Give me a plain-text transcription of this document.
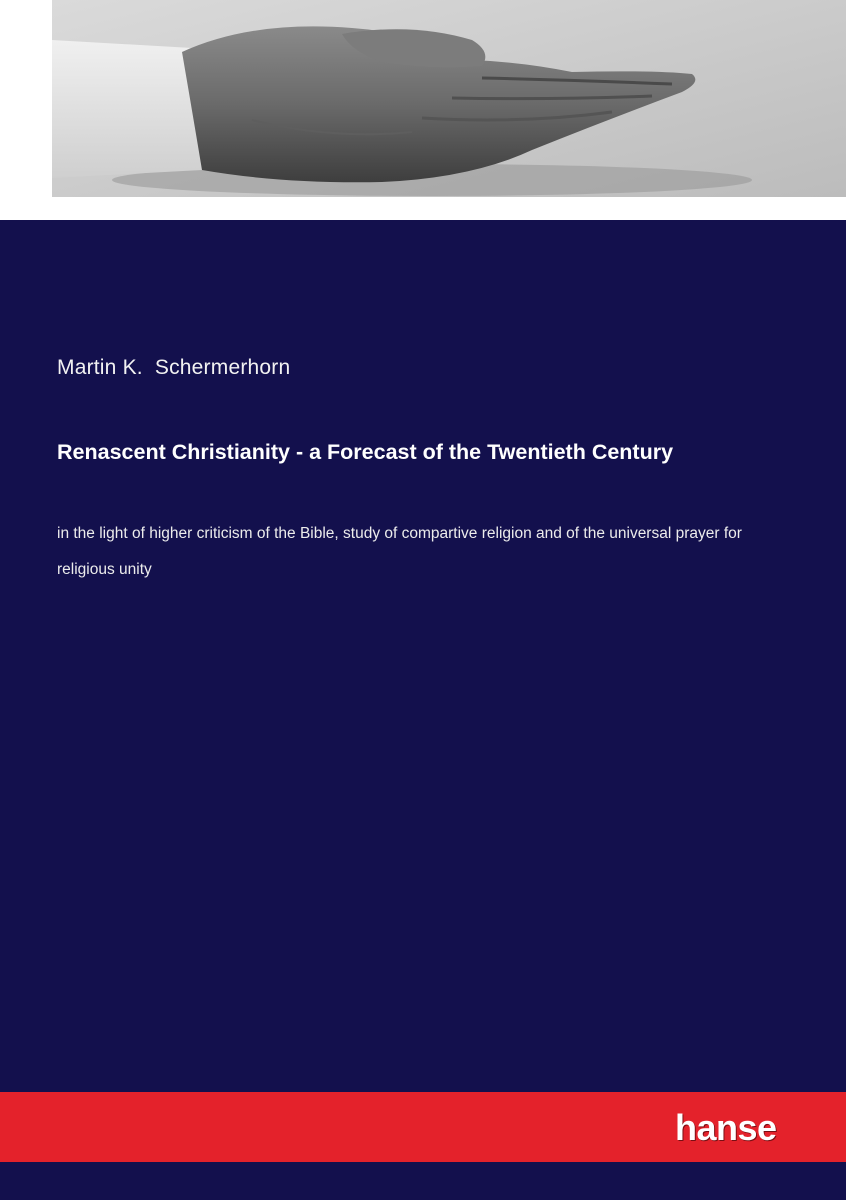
Martin K.  Schermerhorn
Renascent Christianity - a Forecast of the Twentieth Century
in the light of higher criticism of the Bible, study of compartive religion and of the universal prayer for religious unity
hanse
